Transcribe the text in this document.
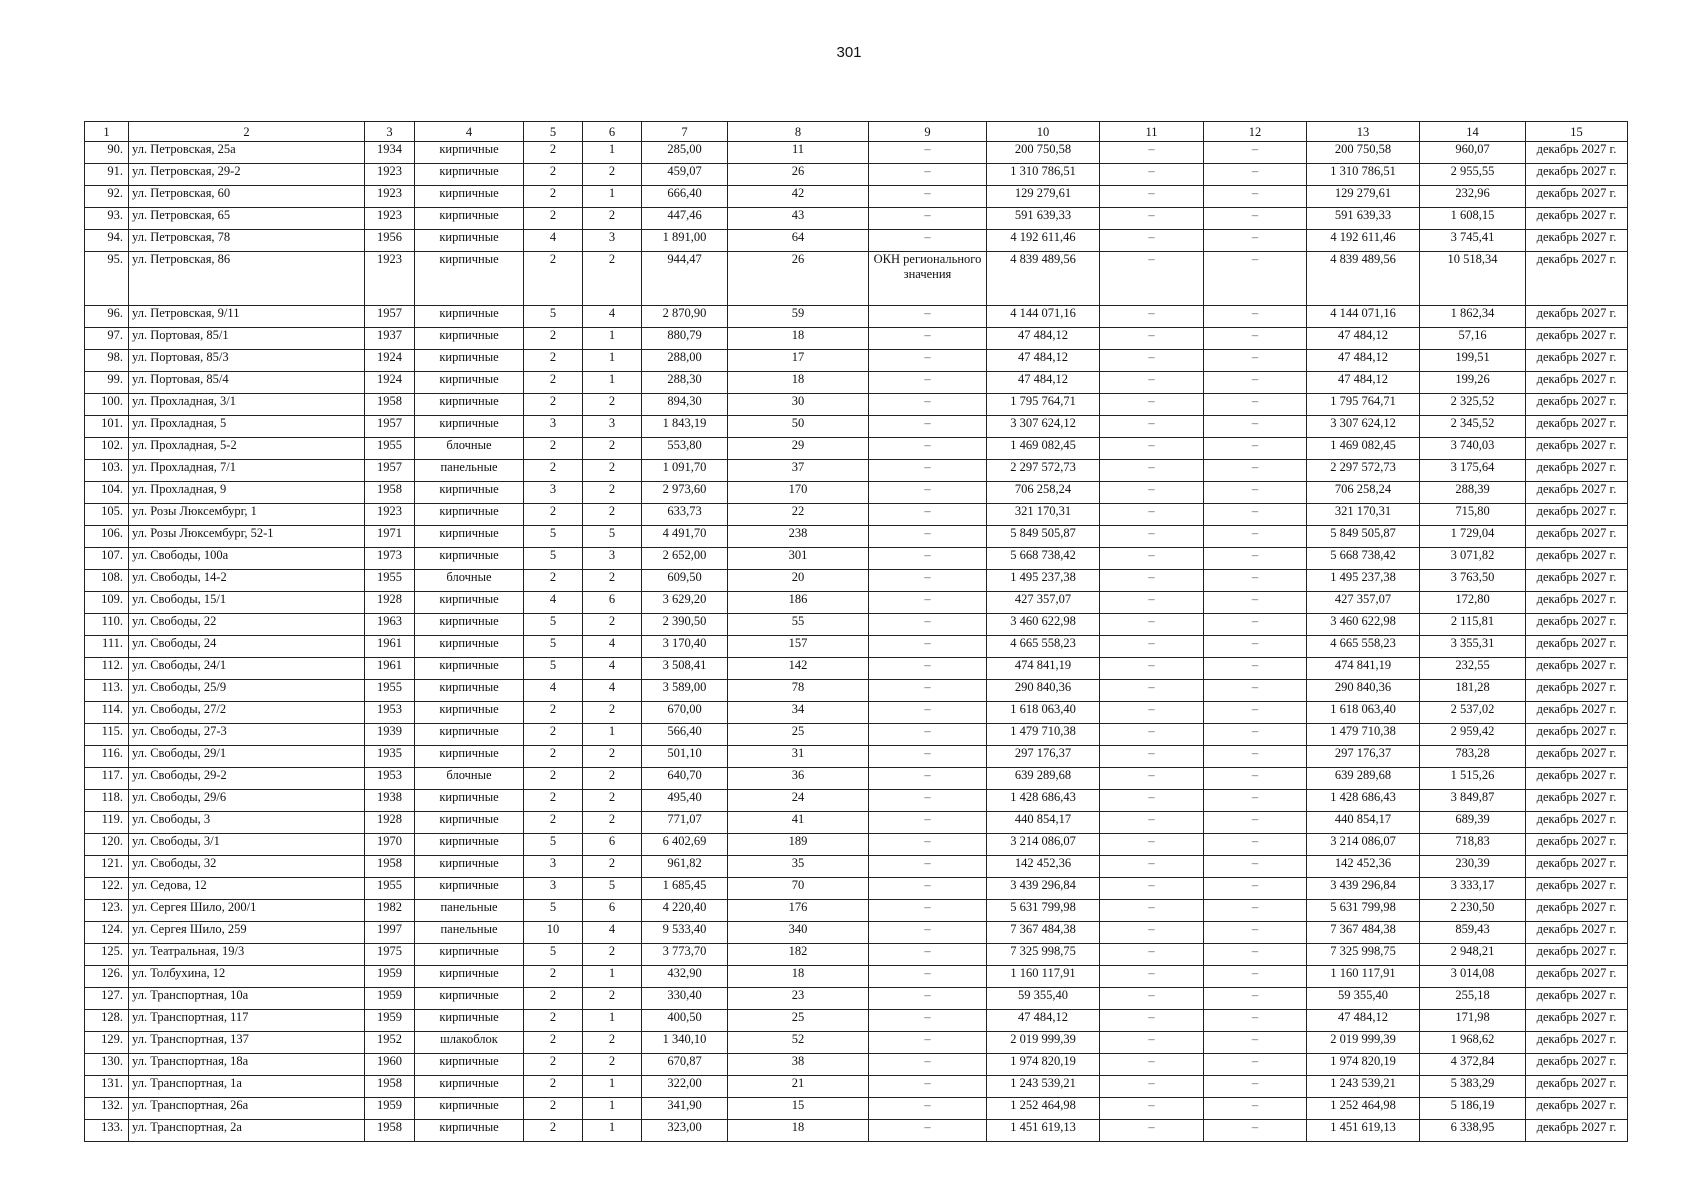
301
1	2	3	4	5	6	7	8	9	10	11	12	13	14	15
90.	ул. Петровская, 25а	1934	кирпичные	2	1	285,00	11	–	200 750,58	–	–	200 750,58	960,07	декабрь 2027 г.
91.	ул. Петровская, 29-2	1923	кирпичные	2	2	459,07	26	–	1 310 786,51	–	–	1 310 786,51	2 955,55	декабрь 2027 г.
92.	ул. Петровская, 60	1923	кирпичные	2	1	666,40	42	–	129 279,61	–	–	129 279,61	232,96	декабрь 2027 г.
93.	ул. Петровская, 65	1923	кирпичные	2	2	447,46	43	–	591 639,33	–	–	591 639,33	1 608,15	декабрь 2027 г.
94.	ул. Петровская, 78	1956	кирпичные	4	3	1 891,00	64	–	4 192 611,46	–	–	4 192 611,46	3 745,41	декабрь 2027 г.
95.	ул. Петровская, 86	1923	кирпичные	2	2	944,47	26	ОКН регионального значения	4 839 489,56	–	–	4 839 489,56	10 518,34	декабрь 2027 г.
96.	ул. Петровская, 9/11	1957	кирпичные	5	4	2 870,90	59	–	4 144 071,16	–	–	4 144 071,16	1 862,34	декабрь 2027 г.
97.	ул. Портовая, 85/1	1937	кирпичные	2	1	880,79	18	–	47 484,12	–	–	47 484,12	57,16	декабрь 2027 г.
98.	ул. Портовая, 85/3	1924	кирпичные	2	1	288,00	17	–	47 484,12	–	–	47 484,12	199,51	декабрь 2027 г.
99.	ул. Портовая, 85/4	1924	кирпичные	2	1	288,30	18	–	47 484,12	–	–	47 484,12	199,26	декабрь 2027 г.
100.	ул. Прохладная, 3/1	1958	кирпичные	2	2	894,30	30	–	1 795 764,71	–	–	1 795 764,71	2 325,52	декабрь 2027 г.
101.	ул. Прохладная, 5	1957	кирпичные	3	3	1 843,19	50	–	3 307 624,12	–	–	3 307 624,12	2 345,52	декабрь 2027 г.
102.	ул. Прохладная, 5-2	1955	блочные	2	2	553,80	29	–	1 469 082,45	–	–	1 469 082,45	3 740,03	декабрь 2027 г.
103.	ул. Прохладная, 7/1	1957	панельные	2	2	1 091,70	37	–	2 297 572,73	–	–	2 297 572,73	3 175,64	декабрь 2027 г.
104.	ул. Прохладная, 9	1958	кирпичные	3	2	2 973,60	170	–	706 258,24	–	–	706 258,24	288,39	декабрь 2027 г.
105.	ул. Розы Люксембург, 1	1923	кирпичные	2	2	633,73	22	–	321 170,31	–	–	321 170,31	715,80	декабрь 2027 г.
106.	ул. Розы Люксембург, 52-1	1971	кирпичные	5	5	4 491,70	238	–	5 849 505,87	–	–	5 849 505,87	1 729,04	декабрь 2027 г.
107.	ул. Свободы, 100а	1973	кирпичные	5	3	2 652,00	301	–	5 668 738,42	–	–	5 668 738,42	3 071,82	декабрь 2027 г.
108.	ул. Свободы, 14-2	1955	блочные	2	2	609,50	20	–	1 495 237,38	–	–	1 495 237,38	3 763,50	декабрь 2027 г.
109.	ул. Свободы, 15/1	1928	кирпичные	4	6	3 629,20	186	–	427 357,07	–	–	427 357,07	172,80	декабрь 2027 г.
110.	ул. Свободы, 22	1963	кирпичные	5	2	2 390,50	55	–	3 460 622,98	–	–	3 460 622,98	2 115,81	декабрь 2027 г.
111.	ул. Свободы, 24	1961	кирпичные	5	4	3 170,40	157	–	4 665 558,23	–	–	4 665 558,23	3 355,31	декабрь 2027 г.
112.	ул. Свободы, 24/1	1961	кирпичные	5	4	3 508,41	142	–	474 841,19	–	–	474 841,19	232,55	декабрь 2027 г.
113.	ул. Свободы, 25/9	1955	кирпичные	4	4	3 589,00	78	–	290 840,36	–	–	290 840,36	181,28	декабрь 2027 г.
114.	ул. Свободы, 27/2	1953	кирпичные	2	2	670,00	34	–	1 618 063,40	–	–	1 618 063,40	2 537,02	декабрь 2027 г.
115.	ул. Свободы, 27-3	1939	кирпичные	2	1	566,40	25	–	1 479 710,38	–	–	1 479 710,38	2 959,42	декабрь 2027 г.
116.	ул. Свободы, 29/1	1935	кирпичные	2	2	501,10	31	–	297 176,37	–	–	297 176,37	783,28	декабрь 2027 г.
117.	ул. Свободы, 29-2	1953	блочные	2	2	640,70	36	–	639 289,68	–	–	639 289,68	1 515,26	декабрь 2027 г.
118.	ул. Свободы, 29/6	1938	кирпичные	2	2	495,40	24	–	1 428 686,43	–	–	1 428 686,43	3 849,87	декабрь 2027 г.
119.	ул. Свободы, 3	1928	кирпичные	2	2	771,07	41	–	440 854,17	–	–	440 854,17	689,39	декабрь 2027 г.
120.	ул. Свободы, 3/1	1970	кирпичные	5	6	6 402,69	189	–	3 214 086,07	–	–	3 214 086,07	718,83	декабрь 2027 г.
121.	ул. Свободы, 32	1958	кирпичные	3	2	961,82	35	–	142 452,36	–	–	142 452,36	230,39	декабрь 2027 г.
122.	ул. Седова, 12	1955	кирпичные	3	5	1 685,45	70	–	3 439 296,84	–	–	3 439 296,84	3 333,17	декабрь 2027 г.
123.	ул. Сергея Шило, 200/1	1982	панельные	5	6	4 220,40	176	–	5 631 799,98	–	–	5 631 799,98	2 230,50	декабрь 2027 г.
124.	ул. Сергея Шило, 259	1997	панельные	10	4	9 533,40	340	–	7 367 484,38	–	–	7 367 484,38	859,43	декабрь 2027 г.
125.	ул. Театральная, 19/3	1975	кирпичные	5	2	3 773,70	182	–	7 325 998,75	–	–	7 325 998,75	2 948,21	декабрь 2027 г.
126.	ул. Толбухина, 12	1959	кирпичные	2	1	432,90	18	–	1 160 117,91	–	–	1 160 117,91	3 014,08	декабрь 2027 г.
127.	ул. Транспортная, 10а	1959	кирпичные	2	2	330,40	23	–	59 355,40	–	–	59 355,40	255,18	декабрь 2027 г.
128.	ул. Транспортная, 117	1959	кирпичные	2	1	400,50	25	–	47 484,12	–	–	47 484,12	171,98	декабрь 2027 г.
129.	ул. Транспортная, 137	1952	шлакоблок	2	2	1 340,10	52	–	2 019 999,39	–	–	2 019 999,39	1 968,62	декабрь 2027 г.
130.	ул. Транспортная, 18а	1960	кирпичные	2	2	670,87	38	–	1 974 820,19	–	–	1 974 820,19	4 372,84	декабрь 2027 г.
131.	ул. Транспортная, 1а	1958	кирпичные	2	1	322,00	21	–	1 243 539,21	–	–	1 243 539,21	5 383,29	декабрь 2027 г.
132.	ул. Транспортная, 26а	1959	кирпичные	2	1	341,90	15	–	1 252 464,98	–	–	1 252 464,98	5 186,19	декабрь 2027 г.
133.	ул. Транспортная, 2а	1958	кирпичные	2	1	323,00	18	–	1 451 619,13	–	–	1 451 619,13	6 338,95	декабрь 2027 г.
